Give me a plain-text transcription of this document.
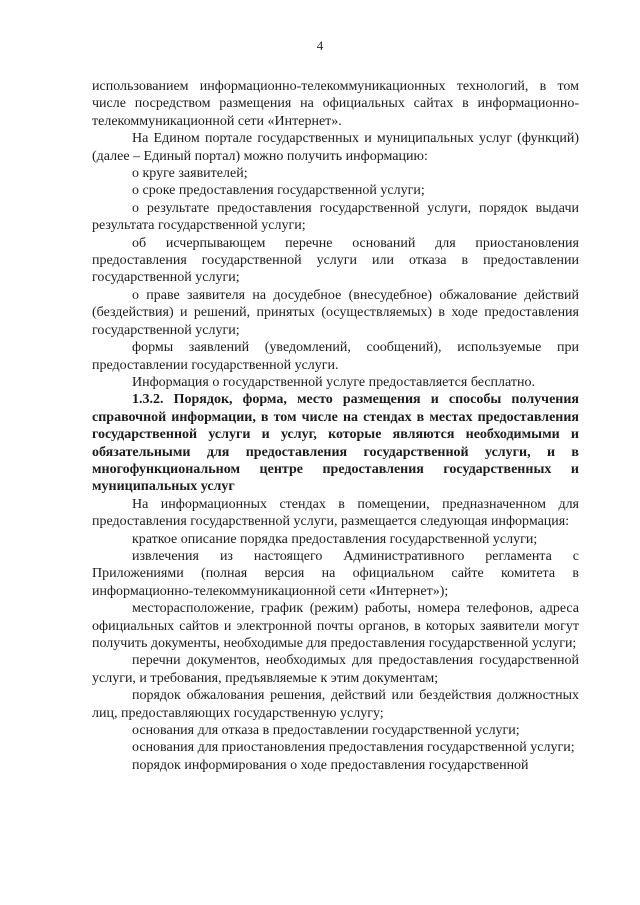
4

использованием информационно-телекоммуникационных технологий, в том числе посредством размещения на официальных сайтах в информационно-телекоммуникационной сети «Интернет».

На Едином портале государственных и муниципальных услуг (функций) (далее – Единый портал) можно получить информацию:

о круге заявителей;

о сроке предоставления государственной услуги;

о результате предоставления государственной услуги, порядок выдачи результата государственной услуги;

об исчерпывающем перечне оснований для приостановления предоставления государственной услуги или отказа в предоставлении государственной услуги;

о праве заявителя на досудебное (внесудебное) обжалование действий (бездействия) и решений, принятых (осуществляемых) в ходе предоставления государственной услуги;

формы заявлений (уведомлений, сообщений), используемые при предоставлении государственной услуги.

Информация о государственной услуге предоставляется бесплатно.

1.3.2. Порядок, форма, место размещения и способы получения справочной информации, в том числе на стендах в местах предоставления государственной услуги и услуг, которые являются необходимыми и обязательными для предоставления государственной услуги, и в многофункциональном центре предоставления государственных и муниципальных услуг

На информационных стендах в помещении, предназначенном для предоставления государственной услуги, размещается следующая информация:

краткое описание порядка предоставления государственной услуги;

извлечения из настоящего Административного регламента с Приложениями (полная версия на официальном сайте комитета в информационно-телекоммуникационной сети «Интернет»);

месторасположение, график (режим) работы, номера телефонов, адреса официальных сайтов и электронной почты органов, в которых заявители могут получить документы, необходимые для предоставления государственной услуги;

перечни документов, необходимых для предоставления государственной услуги, и требования, предъявляемые к этим документам;

порядок обжалования решения, действий или бездействия должностных лиц, предоставляющих государственную услугу;

основания для отказа в предоставлении государственной услуги;

основания для приостановления предоставления государственной услуги;

порядок информирования о ходе предоставления государственной
